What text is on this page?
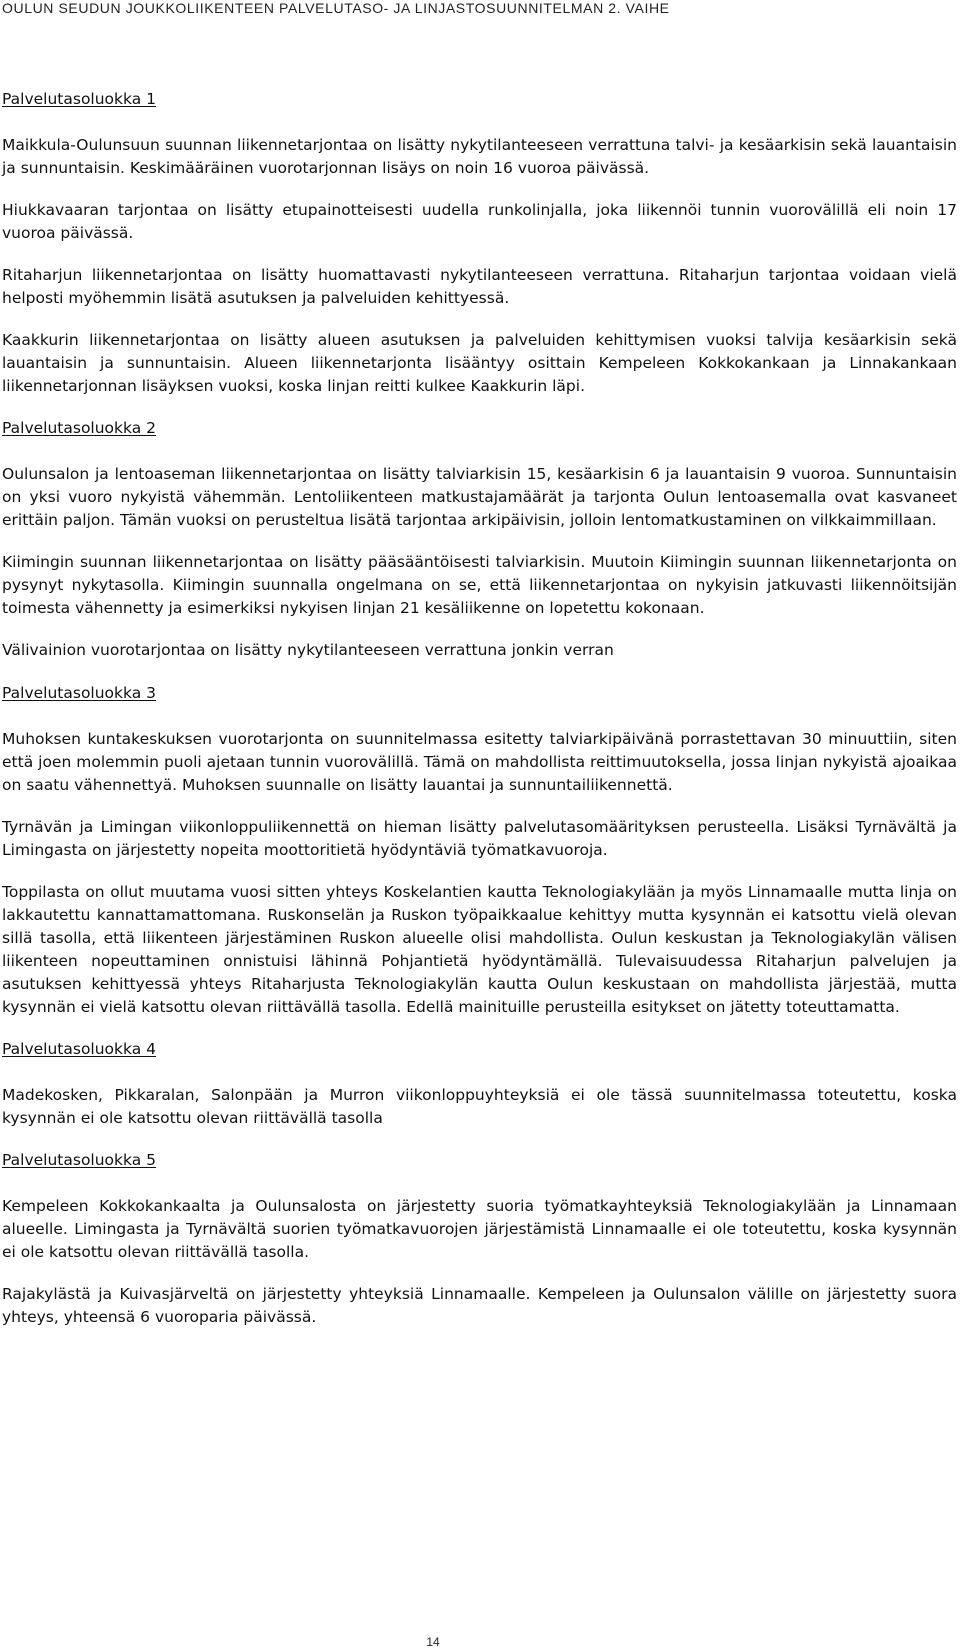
OULUN SEUDUN JOUKKOLIIKENTEEN PALVELUTASO- JA LINJASTOSUUNNITELMAN 2. VAIHE
Palvelutasoluokka 1

Maikkula-Oulunsuun suunnan liikennetarjontaa on lisätty nykytilanteeseen verrattuna talvi- ja kesäarkisin sekä lauantaisin ja sunnuntaisin. Keskimääräinen vuorotarjonnan lisäys on noin 16 vuoroa päivässä.

Hiukkavaaran tarjontaa on lisätty etupainotteisesti uudella runkolinjalla, joka liikennöi tunnin vuorovälillä eli noin 17 vuoroa päivässä.

Ritaharjun liikennetarjontaa on lisätty huomattavasti nykytilanteeseen verrattuna. Ritaharjun tarjontaa voidaan vielä helposti myöhemmin lisätä asutuksen ja palveluiden kehittyessä.

Kaakkurin liikennetarjontaa on lisätty alueen asutuksen ja palveluiden kehittymisen vuoksi talvija kesäarkisin sekä lauantaisin ja sunnuntaisin. Alueen liikennetarjonta lisääntyy osittain Kempeleen Kokkokankaan ja Linnakankaan liikennetarjonnan lisäyksen vuoksi, koska linjan reitti kulkee Kaakkurin läpi.

Palvelutasoluokka 2

Oulunsalon ja lentoaseman liikennetarjontaa on lisätty talviarkisin 15, kesäarkisin 6 ja lauantaisin 9 vuoroa. Sunnuntaisin on yksi vuoro nykyistä vähemmän. Lentoliikenteen matkustajamäärät ja tarjonta Oulun lentoasemalla ovat kasvaneet erittäin paljon. Tämän vuoksi on perusteltua lisätä tarjontaa arkipäivisin, jolloin lentomatkustaminen on vilkkaimmillaan.

Kiimingin suunnan liikennetarjontaa on lisätty pääsääntöisesti talviarkisin. Muutoin Kiimingin suunnan liikennetarjonta on pysynyt nykytasolla. Kiimingin suunnalla ongelmana on se, että liikennetarjontaa on nykyisin jatkuvasti liikennöitsijän toimesta vähennetty ja esimerkiksi nykyisen linjan 21 kesäliikenne on lopetettu kokonaan.

Välivainion vuorotarjontaa on lisätty nykytilanteeseen verrattuna jonkin verran

Palvelutasoluokka 3

Muhoksen kuntakeskuksen vuorotarjonta on suunnitelmassa esitetty talviarkipäivänä porrastettavan 30 minuuttiin, siten että joen molemmin puoli ajetaan tunnin vuorovälillä. Tämä on mahdollista reittimuutoksella, jossa linjan nykyistä ajoaikaa on saatu vähennettyä. Muhoksen suunnalle on lisätty lauantai ja sunnuntailiikennettä.

Tyrnävän ja Limingan viikonloppuliikennettä on hieman lisätty palvelutasomäärityksen perusteella. Lisäksi Tyrnävältä ja Limingasta on järjestetty nopeita moottoritietä hyödyntäviä työmatkavuoroja.

Toppilasta on ollut muutama vuosi sitten yhteys Koskelantien kautta Teknologiakylään ja myös Linnamaalle mutta linja on lakkautettu kannattamattomana. Ruskonselän ja Ruskon työpaikkaalue kehittyy mutta kysynnän ei katsottu vielä olevan sillä tasolla, että liikenteen järjestäminen Ruskon alueelle olisi mahdollista. Oulun keskustan ja Teknologiakylän välisen liikenteen nopeuttaminen onnistuisi lähinnä Pohjantietä hyödyntämällä. Tulevaisuudessa Ritaharjun palvelujen ja asutuksen kehittyessä yhteys Ritaharjusta Teknologiakylän kautta Oulun keskustaan on mahdollista järjestää, mutta kysynnän ei vielä katsottu olevan riittävällä tasolla. Edellä mainituille perusteilla esitykset on jätetty toteuttamatta.

Palvelutasoluokka 4

Madekosken, Pikkaralan, Salonpään ja Murron viikonloppuyhteyksiä ei ole tässä suunnitelmassa toteutettu, koska kysynnän ei ole katsottu olevan riittävällä tasolla

Palvelutasoluokka 5

Kempeleen Kokkokankaalta ja Oulunsalosta on järjestetty suoria työmatkayhteyksiä Teknologiakylään ja Linnamaan alueelle. Limingasta ja Tyrnävältä suorien työmatkavuorojen järjestämistä Linnamaalle ei ole toteutettu, koska kysynnän ei ole katsottu olevan riittävällä tasolla.

Rajakylästä ja Kuivasjärveltä on järjestetty yhteyksiä Linnamaalle. Kempeleen ja Oulunsalon välille on järjestetty suora yhteys, yhteensä 6 vuoroparia päivässä.

14
